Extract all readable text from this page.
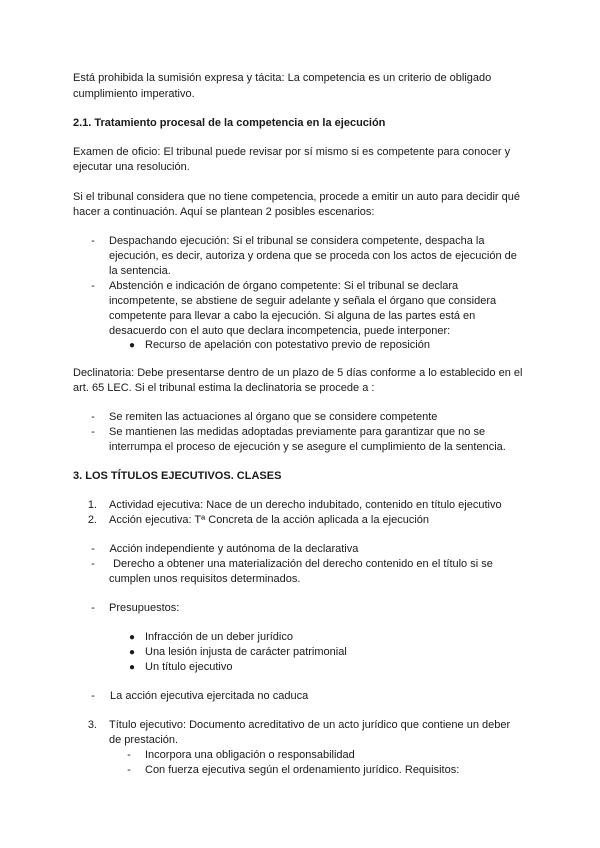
Está prohibida la sumisión expresa y tácita: La competencia es un criterio de obligado
cumplimiento imperativo.
2.1. Tratamiento procesal de la competencia en la ejecución
Examen de oficio: El tribunal puede revisar por sí mismo si es competente para conocer y
ejecutar una resolución.
Si el tribunal considera que no tiene competencia, procede a emitir un auto para decidir qué
hacer a continuación. Aquí se plantean 2 posibles escenarios:
- Despachando ejecución: Si el tribunal se considera competente, despacha la
ejecución, es decir, autoriza y ordena que se proceda con los actos de ejecución de
la sentencia.
- Abstención e indicación de órgano competente: Si el tribunal se declara
incompetente, se abstiene de seguir adelante y señala el órgano que considera
competente para llevar a cabo la ejecución. Si alguna de las partes está en
desacuerdo con el auto que declara incompetencia, puede interponer:
● Recurso de apelación con potestativo previo de reposición
Declinatoria: Debe presentarse dentro de un plazo de 5 días conforme a lo establecido en el
art. 65 LEC. Si el tribunal estima la declinatoria se procede a :
- Se remiten las actuaciones al órgano que se considere competente
- Se mantienen las medidas adoptadas previamente para garantizar que no se
interrumpa el proceso de ejecución y se asegure el cumplimiento de la sentencia.
3. LOS TÍTULOS EJECUTIVOS. CLASES
1. Actividad ejecutiva: Nace de un derecho indubitado, contenido en título ejecutivo
2. Acción ejecutiva: Tª Concreta de la acción aplicada a la ejecución
- Acción independiente y autónoma de la declarativa
- Derecho a obtener una materialización del derecho contenido en el título si se
cumplen unos requisitos determinados.
- Presupuestos:
● Infracción de un deber jurídico
● Una lesión injusta de carácter patrimonial
● Un título ejecutivo
- La acción ejecutiva ejercitada no caduca
3. Título ejecutivo: Documento acreditativo de un acto jurídico que contiene un deber
de prestación.
- Incorpora una obligación o responsabilidad
- Con fuerza ejecutiva según el ordenamiento jurídico. Requisitos:
